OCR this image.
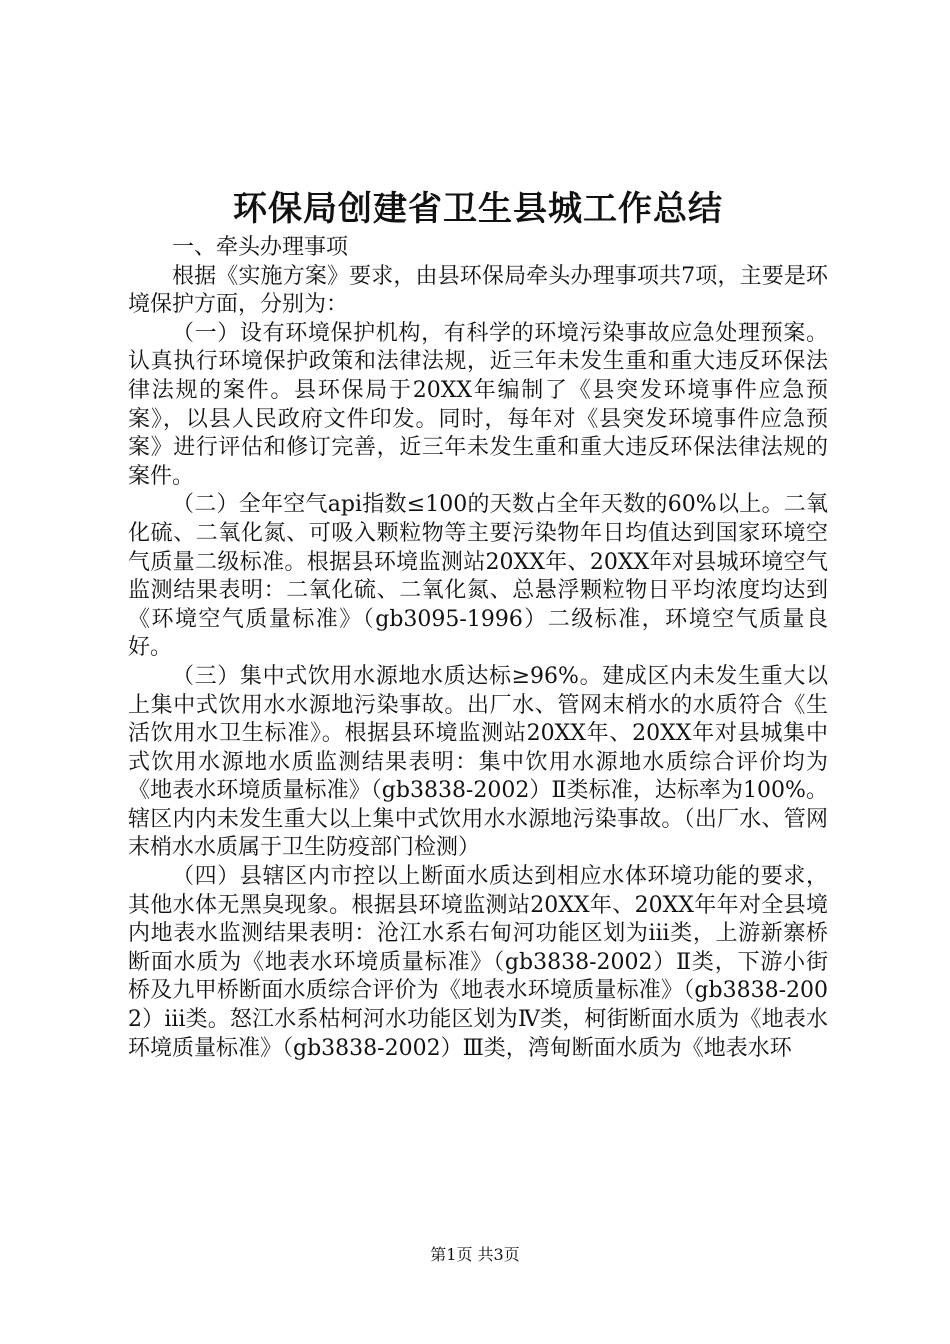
环保局创建省卫生县城工作总结

一、牵头办理事项

根据《实施方案》要求，由县环保局牵头办理事项共7项，主要是环境保护方面，分别为：

（一）设有环境保护机构，有科学的环境污染事故应急处理预案。认真执行环境保护政策和法律法规，近三年未发生重和重大违反环保法律法规的案件。县环保局于20XX年编制了《县突发环境事件应急预案》，以县人民政府文件印发。同时，每年对《县突发环境事件应急预案》进行评估和修订完善，近三年未发生重和重大违反环保法律法规的案件。

（二）全年空气api指数≤100的天数占全年天数的60%以上。二氧化硫、二氧化氮、可吸入颗粒物等主要污染物年日均值达到国家环境空气质量二级标准。根据县环境监测站20XX年、20XX年对县城环境空气监测结果表明：二氧化硫、二氧化氮、总悬浮颗粒物日平均浓度均达到《环境空气质量标准》（gb3095-1996）二级标准，环境空气质量良好。

（三）集中式饮用水源地水质达标≥96%。建成区内未发生重大以上集中式饮用水水源地污染事故。出厂水、管网末梢水的水质符合《生活饮用水卫生标准》。根据县环境监测站20XX年、20XX年对县城集中式饮用水源地水质监测结果表明：集中饮用水源地水质综合评价均为《地表水环境质量标准》（gb3838-2002）Ⅱ类标准，达标率为100%。辖区内内未发生重大以上集中式饮用水水源地污染事故。（出厂水、管网末梢水水质属于卫生防疫部门检测）

（四）县辖区内市控以上断面水质达到相应水体环境功能的要求，其他水体无黑臭现象。根据县环境监测站20XX年、20XX年年对全县境内地表水监测结果表明：沧江水系右甸河功能区划为iii类，上游新寨桥断面水质为《地表水环境质量标准》（gb3838-2002）Ⅱ类，下游小街桥及九甲桥断面水质综合评价为《地表水环境质量标准》（gb3838-2002）iii类。怒江水系枯柯河水功能区划为Ⅳ类，柯街断面水质为《地表水环境质量标准》（gb3838-2002）Ⅲ类，湾甸断面水质为《地表水环

第1页 共3页
